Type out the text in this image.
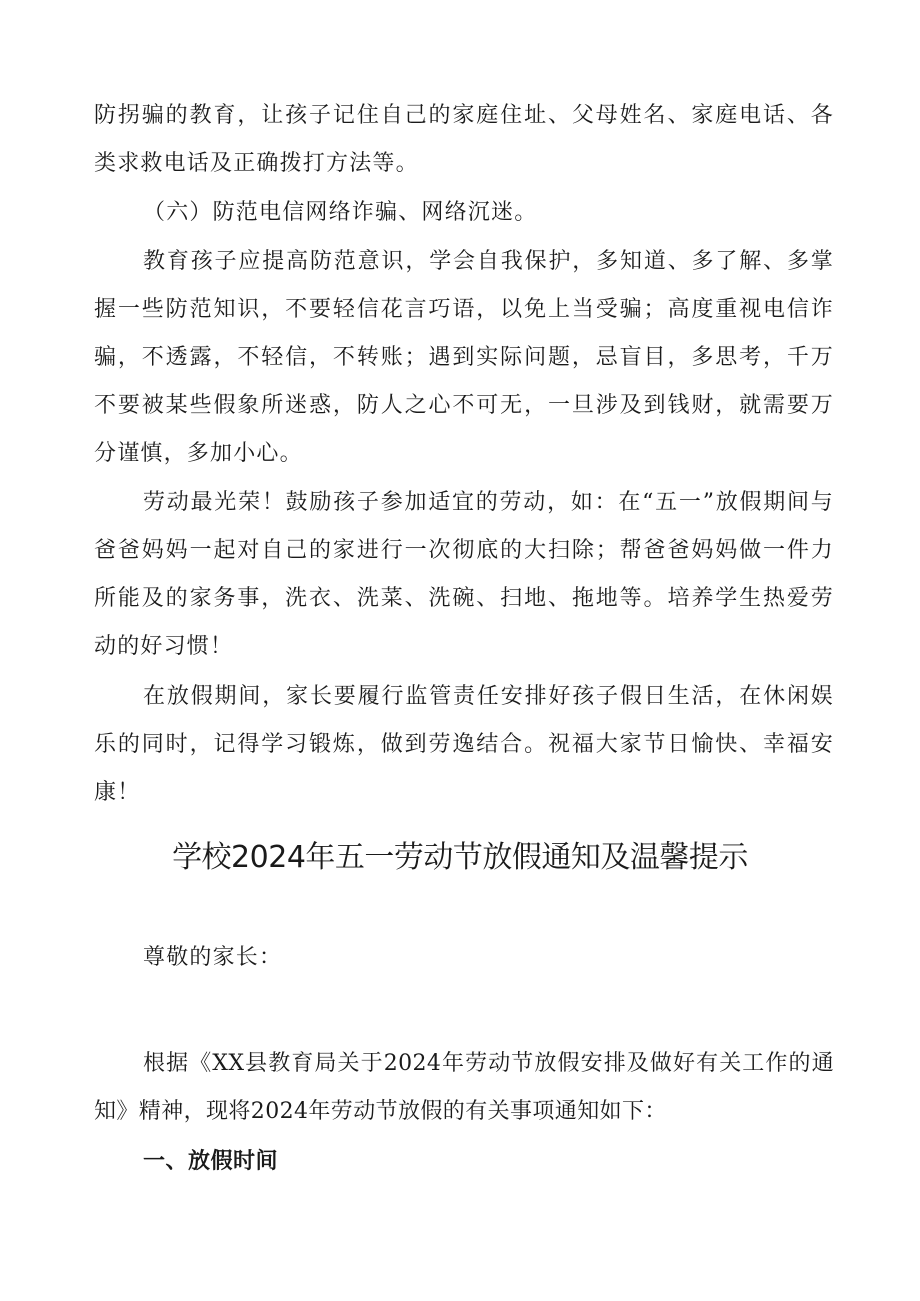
防拐骗的教育，让孩子记住自己的家庭住址、父母姓名、家庭电话、各类求救电话及正确拨打方法等。

（六）防范电信网络诈骗、网络沉迷。

教育孩子应提高防范意识，学会自我保护，多知道、多了解、多掌握一些防范知识，不要轻信花言巧语，以免上当受骗；高度重视电信诈骗，不透露，不轻信，不转账；遇到实际问题，忌盲目，多思考，千万不要被某些假象所迷惑，防人之心不可无，一旦涉及到钱财，就需要万分谨慎，多加小心。

劳动最光荣！鼓励孩子参加适宜的劳动，如：在“五一”放假期间与爸爸妈妈一起对自己的家进行一次彻底的大扫除；帮爸爸妈妈做一件力所能及的家务事，洗衣、洗菜、洗碗、扫地、拖地等。培养学生热爱劳动的好习惯！

在放假期间，家长要履行监管责任安排好孩子假日生活，在休闲娱乐的同时，记得学习锻炼，做到劳逸结合。祝福大家节日愉快、幸福安康！

学校2024年五一劳动节放假通知及温馨提示

尊敬的家长：

根据《XX县教育局关于2024年劳动节放假安排及做好有关工作的通知》精神，现将2024年劳动节放假的有关事项通知如下：

一、放假时间
